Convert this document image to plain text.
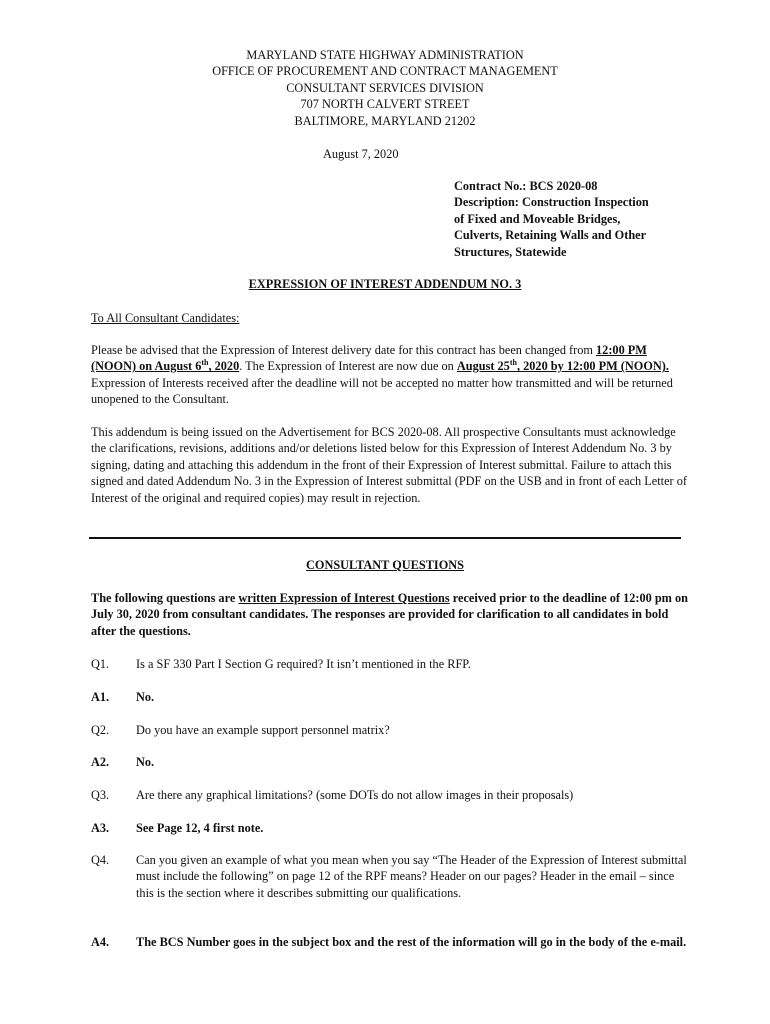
MARYLAND STATE HIGHWAY ADMINISTRATION
OFFICE OF PROCUREMENT AND CONTRACT MANAGEMENT
CONSULTANT SERVICES DIVISION
707 NORTH CALVERT STREET
BALTIMORE, MARYLAND 21202
August 7, 2020
Contract No.: BCS 2020-08
Description: Construction Inspection
of Fixed and Moveable Bridges,
Culverts, Retaining Walls and Other
Structures, Statewide
EXPRESSION OF INTEREST ADDENDUM NO. 3
To All Consultant Candidates:
Please be advised that the Expression of Interest delivery date for this contract has been changed from 12:00 PM (NOON) on August 6th, 2020. The Expression of Interest are now due on August 25th, 2020 by 12:00 PM (NOON). Expression of Interests received after the deadline will not be accepted no matter how transmitted and will be returned unopened to the Consultant.
This addendum is being issued on the Advertisement for BCS 2020-08. All prospective Consultants must acknowledge the clarifications, revisions, additions and/or deletions listed below for this Expression of Interest Addendum No. 3 by signing, dating and attaching this addendum in the front of their Expression of Interest submittal. Failure to attach this signed and dated Addendum No. 3 in the Expression of Interest submittal (PDF on the USB and in front of each Letter of Interest of the original and required copies) may result in rejection.
CONSULTANT QUESTIONS
The following questions are written Expression of Interest Questions received prior to the deadline of 12:00 pm on July 30, 2020 from consultant candidates. The responses are provided for clarification to all candidates in bold after the questions.
Q1.	Is a SF 330 Part I Section G required? It isn’t mentioned in the RFP.
A1.	No.
Q2.	Do you have an example support personnel matrix?
A2.	No.
Q3.	Are there any graphical limitations? (some DOTs do not allow images in their proposals)
A3.	See Page 12, 4 first note.
Q4.	Can you given an example of what you mean when you say “The Header of the Expression of Interest submittal must include the following” on page 12 of the RPF means? Header on our pages? Header in the email – since this is the section where it describes submitting our qualifications.
A4.	The BCS Number goes in the subject box and the rest of the information will go in the body of the e-mail.
